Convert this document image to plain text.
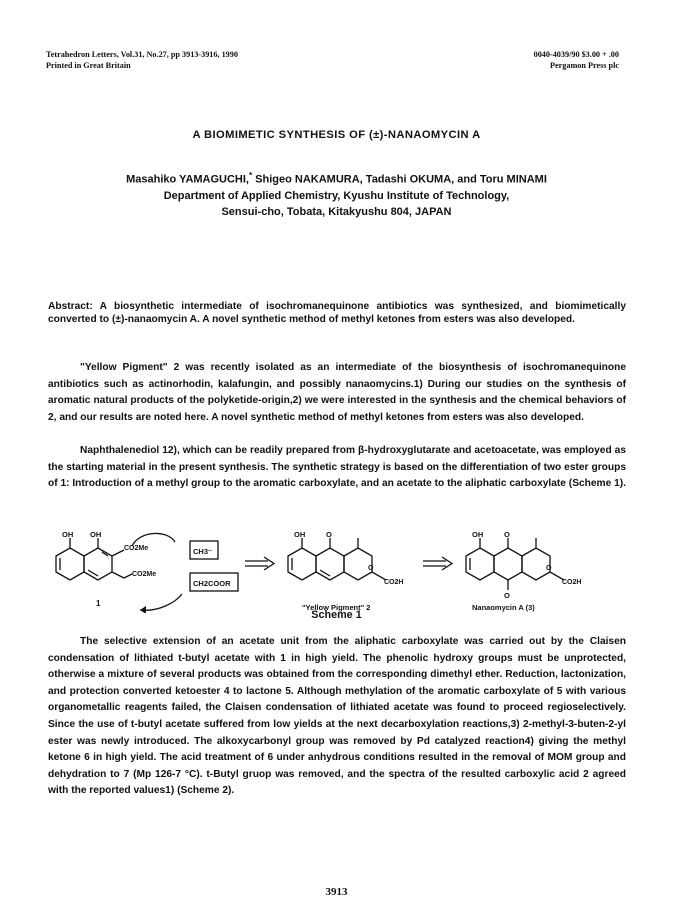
Tetrahedron Letters, Vol.31, No.27, pp 3913-3916, 1990
Printed in Great Britain
0040-4039/90 $3.00 + .00
Pergamon Press plc
A BIOMIMETIC SYNTHESIS OF (±)-NANAOMYCIN A
Masahiko YAMAGUCHI,* Shigeo NAKAMURA, Tadashi OKUMA, and Toru MINAMI
Department of Applied Chemistry, Kyushu Institute of Technology,
Sensui-cho, Tobata, Kitakyushu 804, JAPAN
Abstract: A biosynthetic intermediate of isochromanequinone antibiotics was synthesized, and biomimetically converted to (±)-nanaomycin A. A novel synthetic method of methyl ketones from esters was also developed.
"Yellow Pigment" 2 was recently isolated as an intermediate of the biosynthesis of isochromanequinone antibiotics such as actinorhodin, kalafungin, and possibly nanaomycins.1) During our studies on the synthesis of aromatic natural products of the polyketide-origin,2) we were interested in the synthesis and the chemical behaviors of 2, and our results are noted here. A novel synthetic method of methyl ketones from esters was also developed.
Naphthalenediol 12), which can be readily prepared from β-hydroxyglutarate and acetoacetate, was employed as the starting material in the present synthesis. The synthetic strategy is based on the differentiation of two ester groups of 1: Introduction of a methyl group to the aromatic carboxylate, and an acetate to the aliphatic carboxylate (Scheme 1).
OH OH
CO2Me
CO2Me
1
CH3⁻
CH2COOR
OH	O
O
CO2H
"Yellow Pigment" 2
OH	O
O
O
CO2H
Nanaomycin A (3)
Scheme 1
The selective extension of an acetate unit from the aliphatic carboxylate was carried out by the Claisen condensation of lithiated t-butyl acetate with 1 in high yield. The phenolic hydroxy groups must be unprotected, otherwise a mixture of several products was obtained from the corresponding dimethyl ether. Reduction, lactonization, and protection converted ketoester 4 to lactone 5. Although methylation of the aromatic carboxylate of 5 with various organometallic reagents failed, the Claisen condensation of lithiated acetate was found to proceed regioselectively. Since the use of t-butyl acetate suffered from low yields at the next decarboxylation reactions,3) 2-methyl-3-buten-2-yl ester was newly introduced. The alkoxycarbonyl group was removed by Pd catalyzed reaction4) giving the methyl ketone 6 in high yield. The acid treatment of 6 under anhydrous conditions resulted in the removal of MOM group and dehydration to 7 (Mp 126-7 °C). t-Butyl gruop was removed, and the spectra of the resulted carboxylic acid 2 agreed with the reported values1) (Scheme 2).
3913
